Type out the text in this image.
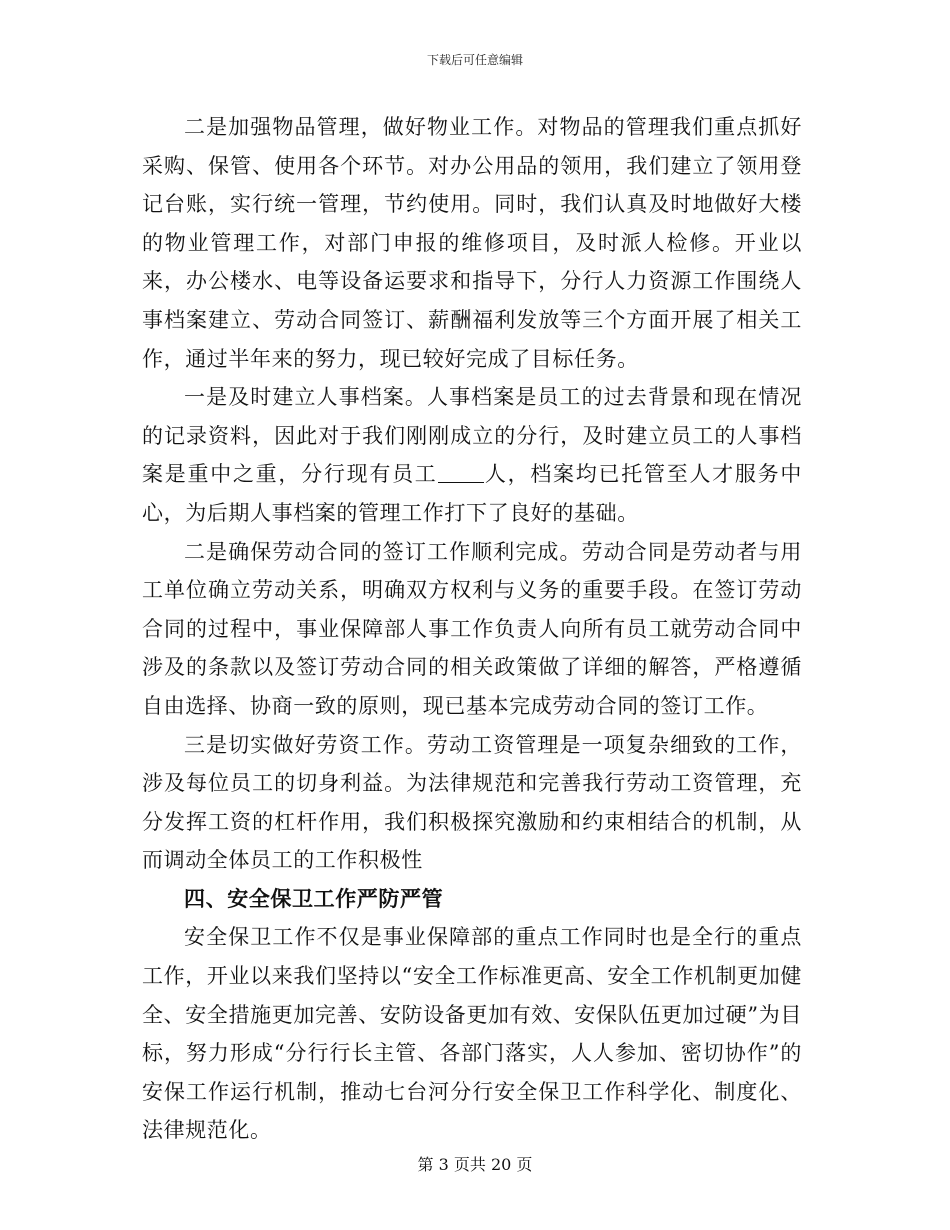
下载后可任意编辑

二是加强物品管理，做好物业工作。对物品的管理我们重点抓好采购、保管、使用各个环节。对办公用品的领用，我们建立了领用登记台账，实行统一管理，节约使用。同时，我们认真及时地做好大楼的物业管理工作，对部门申报的维修项目，及时派人检修。开业以来，办公楼水、电等设备运要求和指导下，分行人力资源工作围绕人事档案建立、劳动合同签订、薪酬福利发放等三个方面开展了相关工作，通过半年来的努力，现已较好完成了目标任务。

一是及时建立人事档案。人事档案是员工的过去背景和现在情况的记录资料，因此对于我们刚刚成立的分行，及时建立员工的人事档案是重中之重，分行现有员工 人，档案均已托管至人才服务中心，为后期人事档案的管理工作打下了良好的基础。

二是确保劳动合同的签订工作顺利完成。劳动合同是劳动者与用工单位确立劳动关系，明确双方权利与义务的重要手段。在签订劳动合同的过程中，事业保障部人事工作负责人向所有员工就劳动合同中涉及的条款以及签订劳动合同的相关政策做了详细的解答，严格遵循自由选择、协商一致的原则，现已基本完成劳动合同的签订工作。

三是切实做好劳资工作。劳动工资管理是一项复杂细致的工作，涉及每位员工的切身利益。为法律规范和完善我行劳动工资管理，充分发挥工资的杠杆作用，我们积极探究激励和约束相结合的机制，从而调动全体员工的工作积极性

四、安全保卫工作严防严管

安全保卫工作不仅是事业保障部的重点工作同时也是全行的重点工作，开业以来我们坚持以“安全工作标准更高、安全工作机制更加健全、安全措施更加完善、安防设备更加有效、安保队伍更加过硬”为目标，努力形成“分行行长主管、各部门落实，人人参加、密切协作”的安保工作运行机制，推动七台河分行安全保卫工作科学化、制度化、法律规范化。

第 3 页共 20 页
